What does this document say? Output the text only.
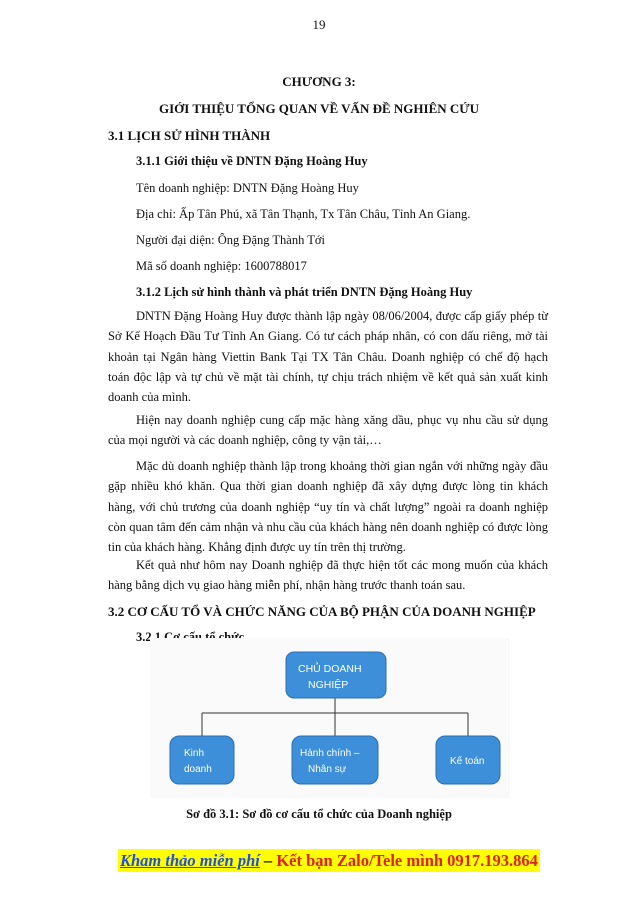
19
CHƯƠNG 3:
GIỚI THIỆU TỔNG QUAN VỀ VẤN ĐỀ NGHIÊN CỨU
3.1 LỊCH SỬ HÌNH THÀNH
3.1.1 Giới thiệu về DNTN Đặng Hoàng Huy
Tên doanh nghiệp: DNTN Đặng Hoàng Huy
Địa chỉ: Ấp Tân Phú, xã Tân Thạnh, Tx Tân Châu, Tỉnh An Giang.
Người đại diện: Ông Đặng Thành Tới
Mã số doanh nghiệp: 1600788017
3.1.2 Lịch sử hình thành và phát triển DNTN Đặng Hoàng Huy
DNTN Đặng Hoàng Huy được thành lập ngày 08/06/2004, được cấp giấy phép từ Sở Kế Hoạch Đầu Tư Tỉnh An Giang. Có tư cách pháp nhân, có con dấu riêng, mở tài khoản tại Ngân hàng Viettin Bank Tại TX Tân Châu. Doanh nghiệp có chế độ hạch toán độc lập và tự chủ về mặt tài chính, tự chịu trách nhiệm về kết quả sản xuất kinh doanh của mình.
Hiện nay doanh nghiệp cung cấp mặc hàng xăng dầu, phục vụ nhu cầu sử dụng của mọi người và các doanh nghiệp, công ty vận tải,…
Mặc dù doanh nghiệp thành lập trong khoảng thời gian ngắn với những ngày đầu gặp nhiều khó khăn. Qua thời gian doanh nghiệp đã xây dựng được lòng tin khách hàng, với chủ trương của doanh nghiệp “uy tín và chất lượng” ngoài ra doanh nghiệp còn quan tâm đến cảm nhận và nhu cầu của khách hàng nên doanh nghiệp có được lòng tin của khách hàng. Khẳng định được uy tín trên thị trường.
Kết quả như hôm nay Doanh nghiệp đã thực hiện tốt các mong muốn của khách hàng bằng dịch vụ giao hàng miễn phí, nhận hàng trước thanh toán sau.
3.2 CƠ CẤU TỔ VÀ CHỨC NĂNG CỦA BỘ PHẬN CỦA DOANH NGHIỆP
3.2.1 Cơ cấu tổ chức
CHỦ DOANH
NGHIỆP
Kinh
doanh
Hành chính –
Nhân sự
Kế toán
Sơ đồ 3.1: Sơ đồ cơ cấu tổ chức của Doanh nghiệp
Kham thảo miễn phí – Kết bạn Zalo/Tele mình 0917.193.864
